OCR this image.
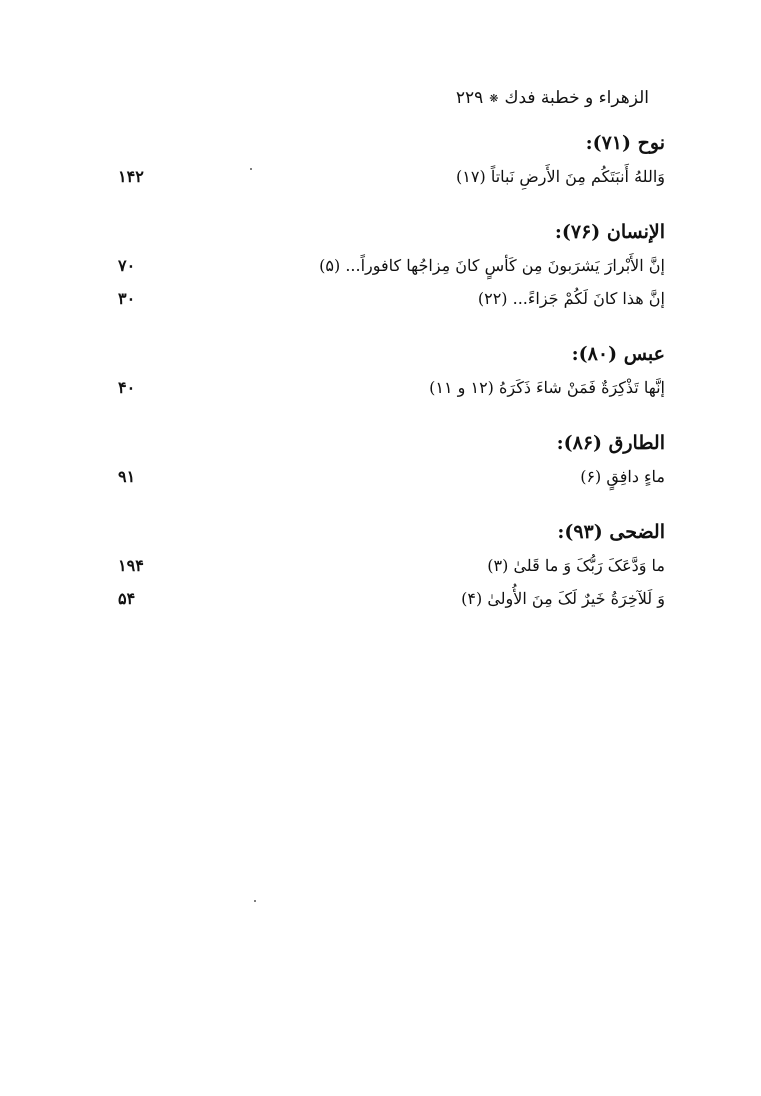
الزهراء و خطبة فدك❋۲۲۹
نوح (۷۱):
وَاللهُ أَنبَتَکُم مِنَ الأَرضِ نَباتاً (۱۷)
۱۴۲
الإنسان (۷۶):
إنَّ الأَبْرارَ يَشرَبونَ مِن كَأسٍ كانَ مِزاجُها كافوراً... (۵)
۷۰
إنَّ هذا كانَ لَكُمْ جَزاءً... (۲۲)
۳۰
عبس (۸۰):
إنَّها تَذْكِرَةٌ فَمَنْ شاءَ ذَكَرَهُ (۱۲ و ۱۱)
۴۰
الطارق (۸۶):
ماءٍ دافِقٍ (۶)
۹۱
الضحی (۹۳):
ما وَدَّعَکَ رَبُّکَ وَ ما قَلیٰ (۳)
۱۹۴
وَ لَلآخِرَةُ خَیرٌ لَکَ مِنَ الأُولیٰ (۴)
۵۴
